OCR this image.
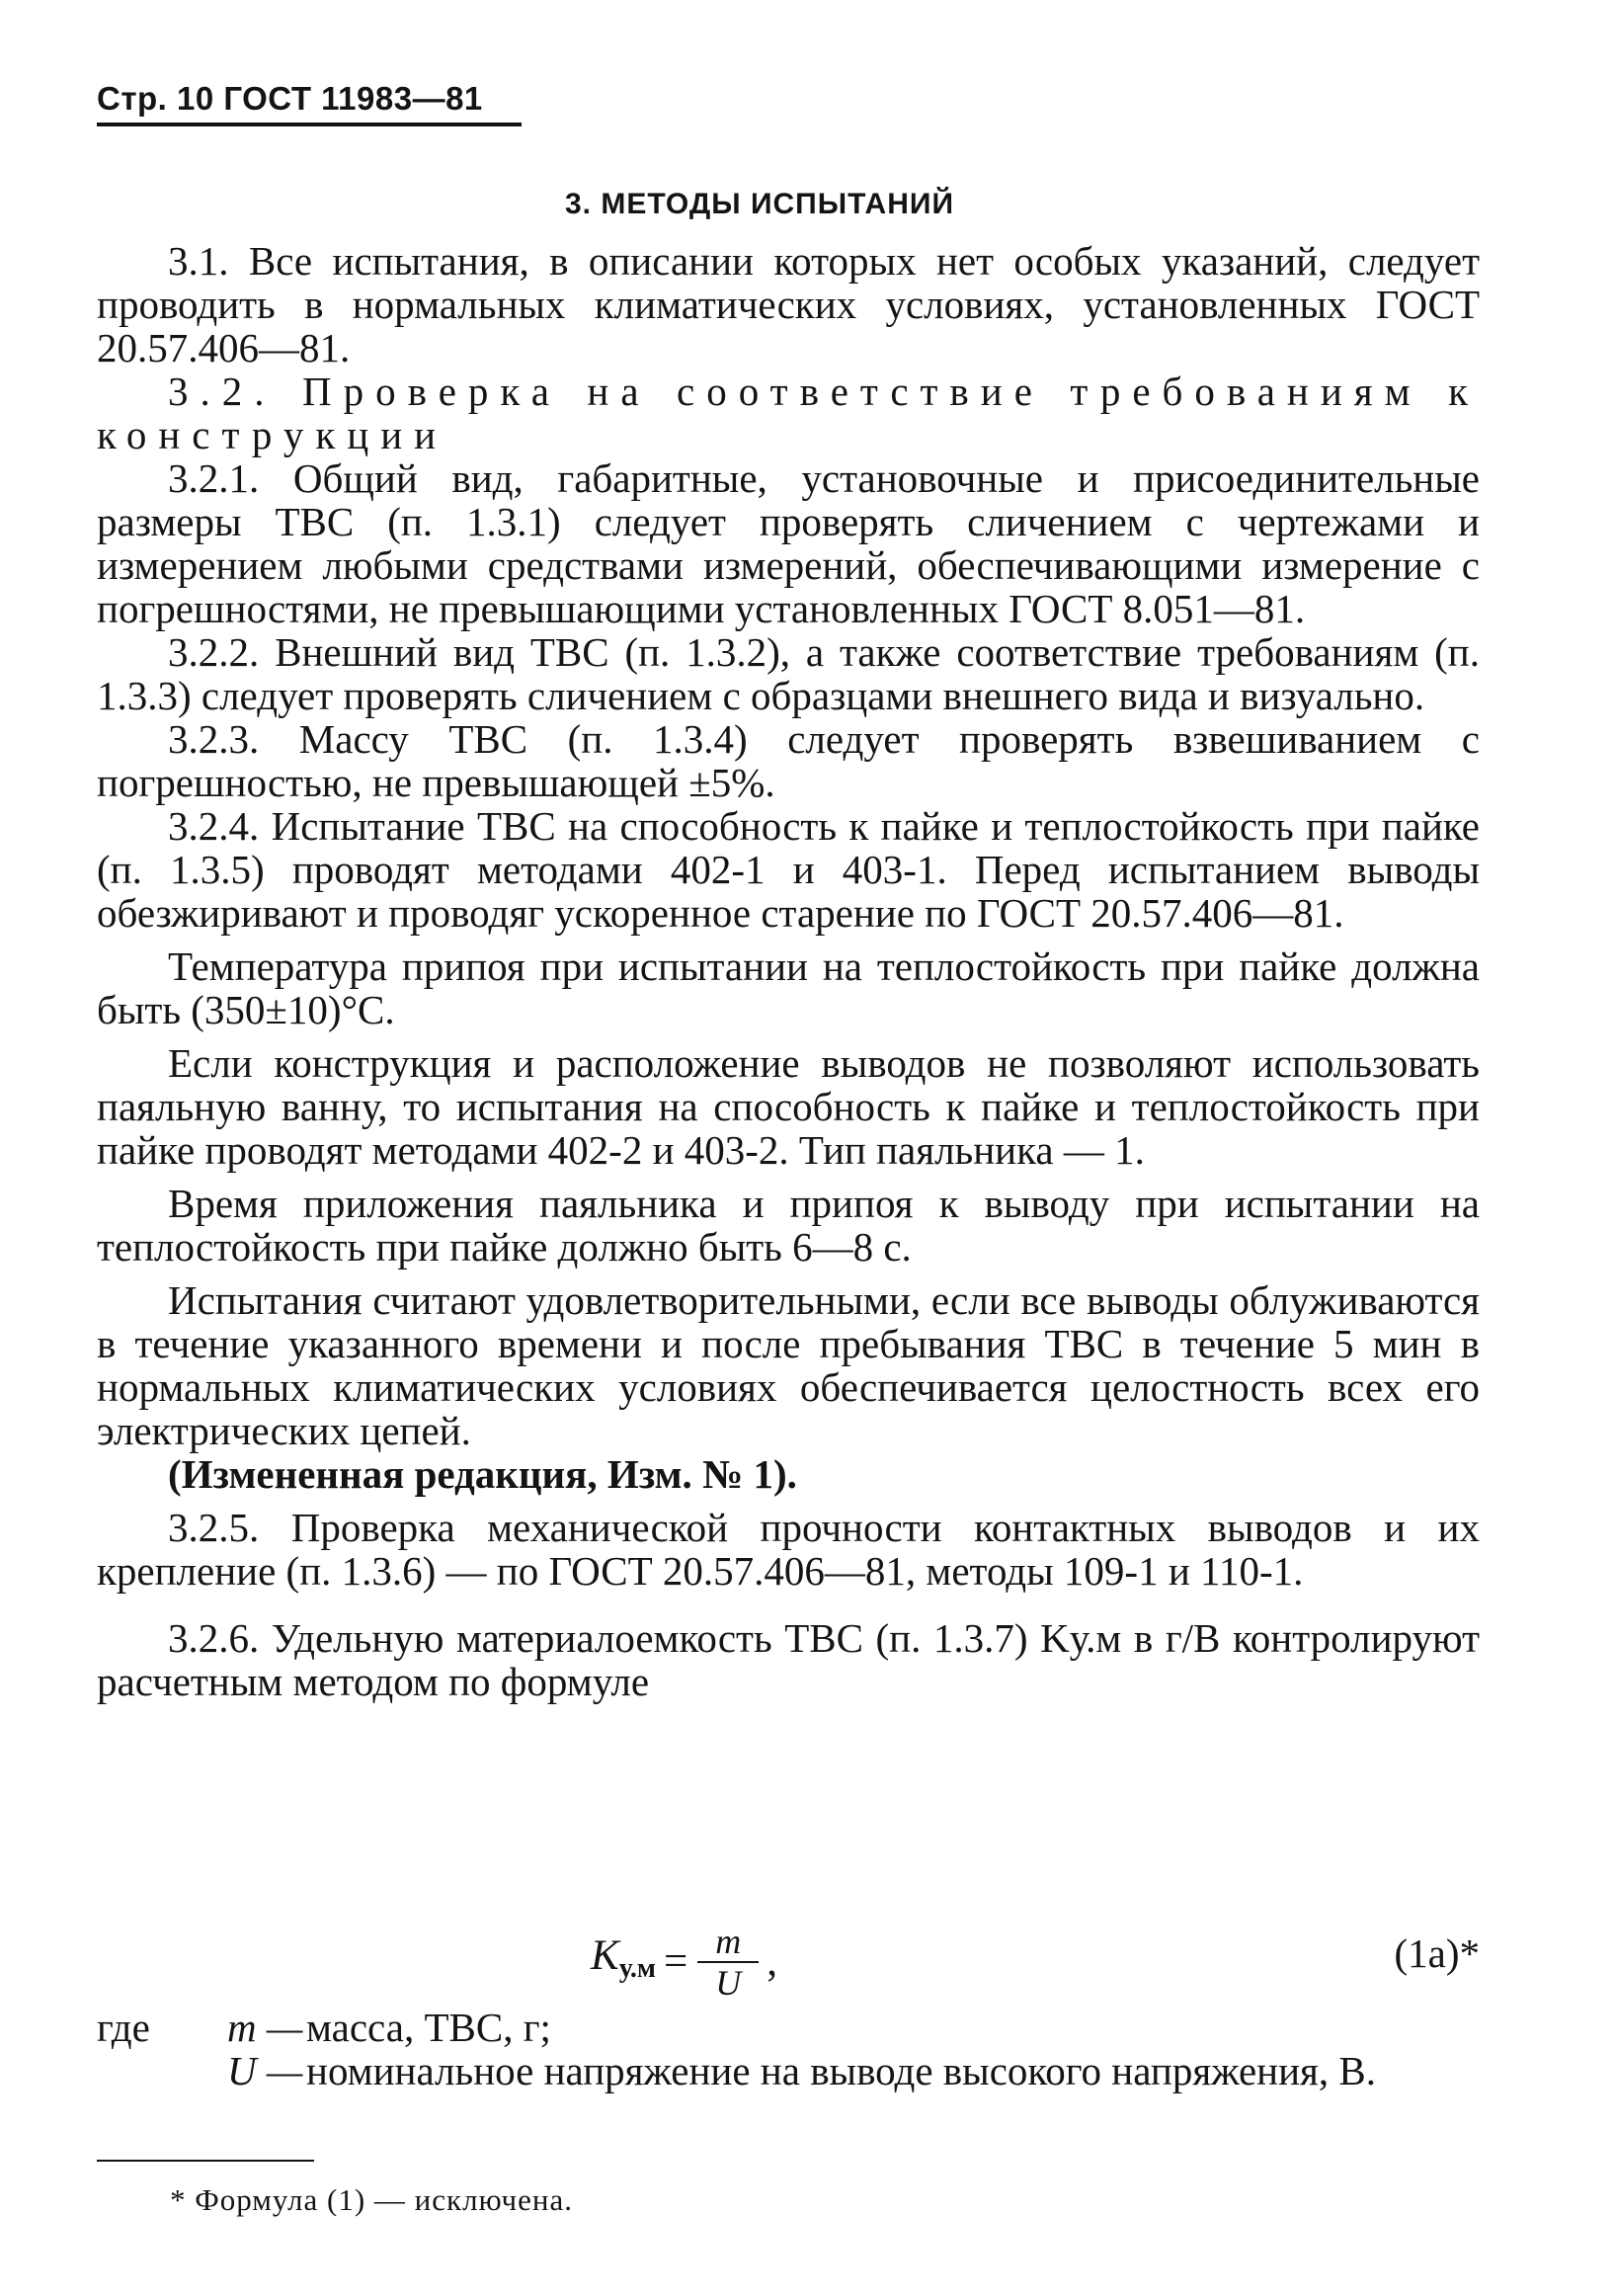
Стр. 10 ГОСТ 11983—81
3. МЕТОДЫ ИСПЫТАНИЙ

3.1. Все испытания, в описании которых нет особых указаний, следует проводить в нормальных климатических условиях, установленных ГОСТ 20.57.406—81.

3.2. Проверка на соответствие требованиям к конструкции

3.2.1. Общий вид, габаритные, установочные и присоединительные размеры ТВС (п. 1.3.1) следует проверять сличением с чертежами и измерением любыми средствами измерений, обеспечивающими измерение с погрешностями, не превышающими установленных ГОСТ 8.051—81.

3.2.2. Внешний вид ТВС (п. 1.3.2), а также соответствие требованиям (п. 1.3.3) следует проверять сличением с образцами внешнего вида и визуально.

3.2.3. Массу ТВС (п. 1.3.4) следует проверять взвешиванием с погрешностью, не превышающей ±5%.

3.2.4. Испытание ТВС на способность к пайке и теплостойкость при пайке (п. 1.3.5) проводят методами 402-1 и 403-1. Перед испытанием выводы обезжиривают и проводяг ускоренное старение по ГОСТ 20.57.406—81.

Температура припоя при испытании на теплостойкость при пайке должна быть (350±10)°С.

Если конструкция и расположение выводов не позволяют использовать паяльную ванну, то испытания на способность к пайке и теплостойкость при пайке проводят методами 402-2 и 403-2. Тип паяльника — 1.

Время приложения паяльника и припоя к выводу при испытании на теплостойкость при пайке должно быть 6—8 с.

Испытания считают удовлетворительными, если все выводы облуживаются в течение указанного времени и после пребывания ТВС в течение 5 мин в нормальных климатических условиях обеспечивается целостность всех его электрических цепей.

(Измененная редакция, Изм. № 1).

3.2.5. Проверка механической прочности контактных выводов и их крепление (п. 1.3.6) — по ГОСТ 20.57.406—81, методы 109-1 и 110-1.

3.2.6. Удельную материалоемкость ТВС (п. 1.3.7) Kу.м в г/В контролируют расчетным методом по формуле

$K_{у.м} = \frac{m}{U}$ ,	(1а)*
где	m — масса, ТВС, г;
U — номинальное напряжение на выводе высокого напряжения, В.
* Формула (1) — исключена.
